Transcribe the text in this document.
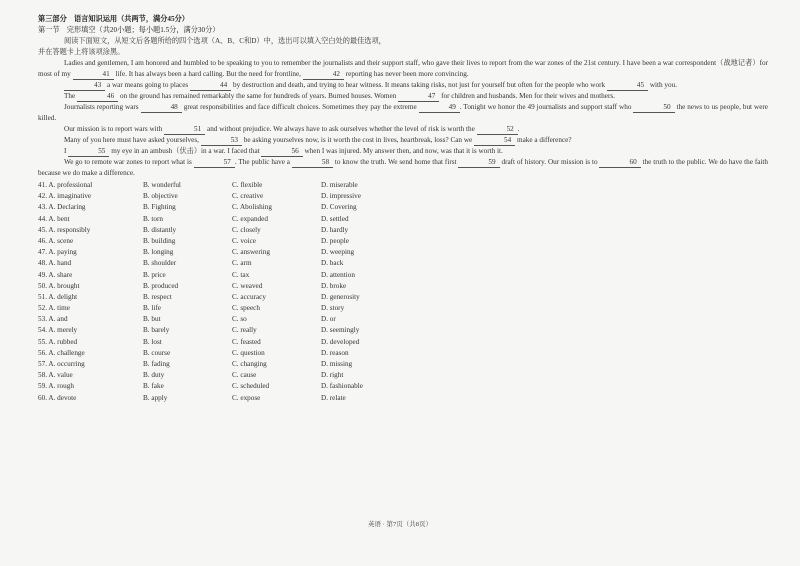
第三部分　语言知识运用（共两节，满分45分）
第一节　完形填空（共20小题；每小题1.5分，满分30分）
阅读下面短文，从短文后各题所给的四个选项（A、B、C和D）中，选出可以填入空白处的最佳选项，
并在答题卡上将该项涂黑。
Ladies and gentlemen, I am honored and humbled to be speaking to you to remember the journalists and their support staff, who gave their lives to report from the war zones of the 21st century. I have been a war correspondent（战地记者）for most of my	41 life. It has always been a hard calling. But the need for frontline,	42 reporting has never been more convincing.
43 a war means going to places	44 by destruction and death, and trying to hear witness. It means taking risks, not just for yourself but often for the people who work	45 with you.
The	46 on the ground has remained remarkably the same for hundreds of years. Burned houses. Women	47 for children and husbands. Men for their wives and mothers.
Journalists reporting wars	48 great responsibilities and face difficult choices. Sometimes they pay the extreme	49 . Tonight we honor the 49 journalists and support staff who	50 the news to us people, but were killed.
Our mission is to report wars with	51 and without prejudice. We always have to ask ourselves whether the level of risk is worth the	52 .
Many of you here must have asked yourselves,	53 be asking yourselves now, is it worth the cost in lives, heartbreak, loss? Can we	54 make a difference?
I	55 my eye in an ambush（伏击）in a war. I faced that	56 when I was injured. My answer then, and now, was that it is worth it.
We go to remote war zones to report what is	57 . The public have a	58 to know the truth. We send home that first	59 draft of history. Our mission is to	60 the truth to the public. We do have the faith because we do make a difference.
41. A. professional	B. wonderful	C. flexible	D. miserable
42. A. imaginative	B. objective	C. creative	D. impressive
43. A. Declaring	B. Fighting	C. Abolishing	D. Covering
44. A. bent	B. torn	C. expanded	D. settled
45. A. responsibly	B. distantly	C. closely	D. hardly
46. A. scene	B. building	C. voice	D. people
47. A. paying	B. longing	C. answering	D. weeping
48. A. hand	B. shoulder	C. arm	D. back
49. A. share	B. price	C. tax	D. attention
50. A. brought	B. produced	C. weaved	D. broke
51. A. delight	B. respect	C. accuracy	D. generosity
52. A. time	B. life	C. speech	D. story
53. A. and	B. but	C. so	D. or
54. A. merely	B. barely	C. really	D. seemingly
55. A. rubbed	B. lost	C. feasted	D. developed
56. A. challenge	B. course	C. question	D. reason
57. A. occurring	B. fading	C. changing	D. missing
58. A. value	B. duty	C. cause	D. right
59. A. rough	B. fake	C. scheduled	D. fashionable
60. A. devote	B. apply	C. expose	D. relate
英语 · 第7页（共8页）
